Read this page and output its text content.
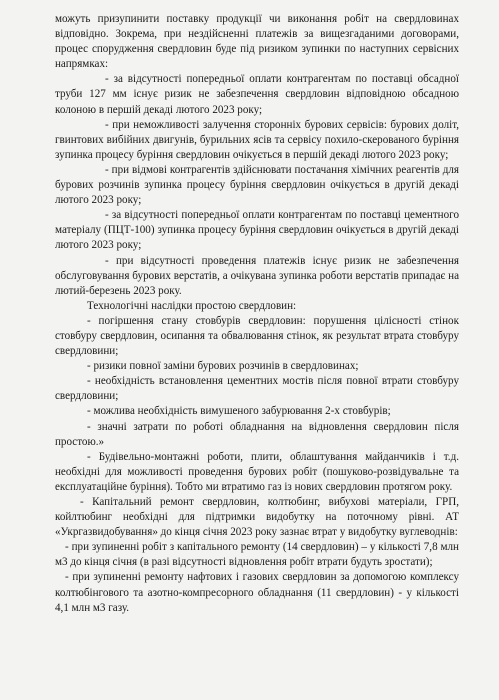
можуть призупинити поставку продукції чи виконання робіт на свердловинах відповідно. Зокрема, при нездійсненні платежів за вищезгаданими договорами, процес спорудження свердловин буде під ризиком зупинки по наступних сервісних напрямках:

- за відсутності попередньої оплати контрагентам по поставці обсадної труби 127 мм існує ризик не забезпечення свердловин відповідною обсадною колоною в першій декаді лютого 2023 року;

- при неможливості залучення сторонніх бурових сервісів: бурових доліт, гвинтових вибійних двигунів, бурильних ясів та сервісу похило-скерованого буріння зупинка процесу буріння свердловин очікується в першій декаді лютого 2023 року;

- при відмові контрагентів здійснювати постачання хімічних реагентів для бурових розчинів зупинка процесу буріння свердловин очікується в другій декаді лютого 2023 року;

- за відсутності попередньої оплати контрагентам по поставці цементного матеріалу (ПЦТ-100) зупинка процесу буріння свердловин очікується в другій декаді лютого 2023 року;

- при відсутності проведення платежів існує ризик не забезпечення обслуговування бурових верстатів, а очікувана зупинка роботи верстатів припадає на лютий-березень 2023 року.

Технологічні наслідки простою свердловин:

- погіршення стану стовбурів свердловин: порушення цілісності стінок стовбуру свердловин, осипання та обвалювання стінок, як результат втрата стовбуру свердловини;

- ризики повної заміни бурових розчинів в свердловинах;

- необхідність встановлення цементних мостів після повної втрати стовбуру свердловини;

- можлива необхідність вимушеного забурювання 2-х стовбурів;

- значні затрати по роботі обладнання на відновлення свердловин після простою.»

- Будівельно-монтажні роботи, плити, облаштування майданчиків і т.д. необхідні для можливості проведення бурових робіт (пошуково-розвідувальне та експлуатаційне буріння). Тобто ми втратимо газ із нових свердловин протягом року.

- Капітальний ремонт свердловин, колтюбинг, вибухові матеріали, ГРП, койлтюбинг необхідні для підтримки видобутку на поточному рівні. АТ «Укргазвидобування» до кінця січня 2023 року зазнає втрат у видобутку вуглеводнів:

- при зупиненні робіт з капітального ремонту (14 свердловин) – у кількості 7,8 млн м3 до кінця січня (в разі відсутності відновлення робіт втрати будуть зростати);

- при зупиненні ремонту нафтових і газових свердловин за допомогою комплексу колтюбінгового та азотно-компресорного обладнання (11 свердловин) - у кількості 4,1 млн м3 газу.
